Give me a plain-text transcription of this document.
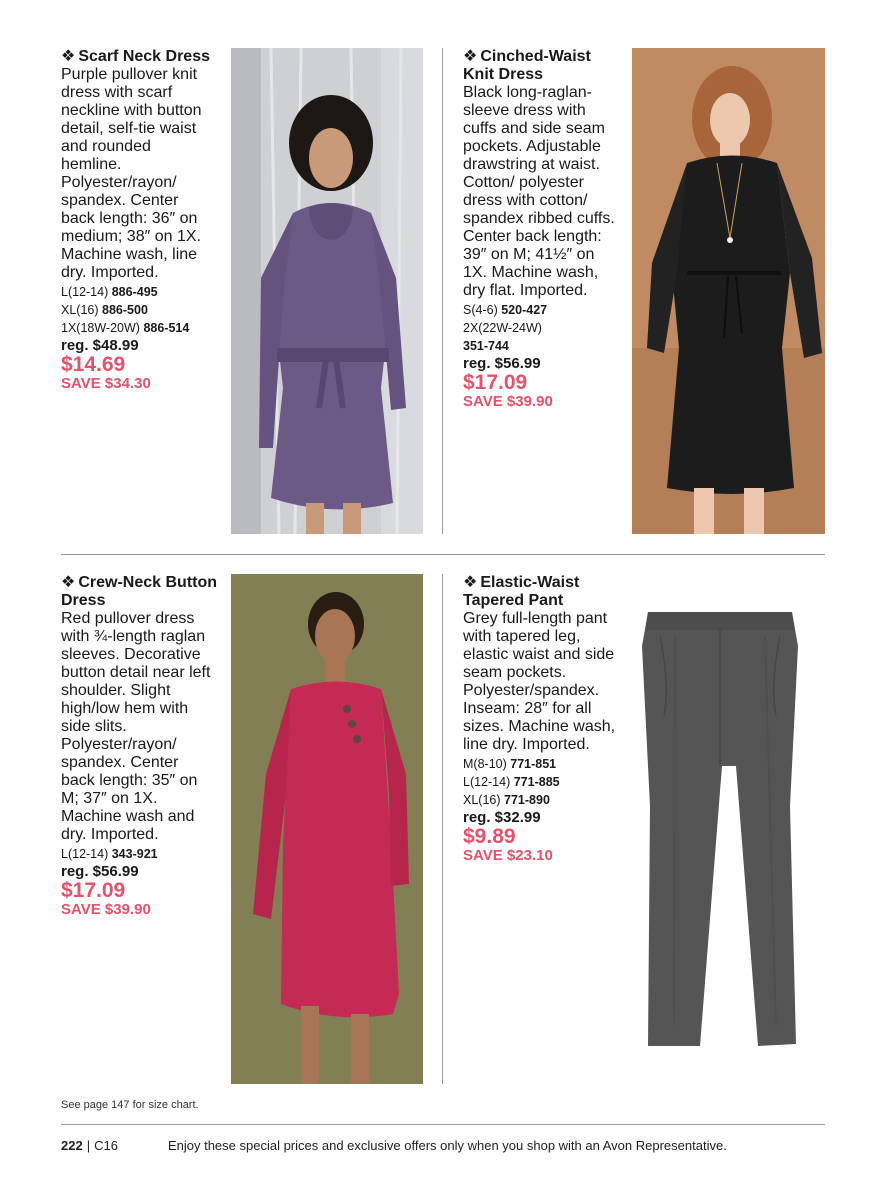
❖ Scarf Neck Dress

Purple pullover knit dress with scarf neckline with button detail, self-tie waist and rounded hemline. Polyester/rayon/ spandex. Center back length: 36″ on medium; 38″ on 1X. Machine wash, line dry. Imported.

L(12-14) 886-495
XL(16) 886-500
1X(18W-20W) 886-514
reg. $48.99
$14.69
SAVE $34.30

❖ Cinched-Waist Knit Dress

Black long-raglan-sleeve dress with cuffs and side seam pockets. Adjustable drawstring at waist. Cotton/ polyester dress with cotton/ spandex ribbed cuffs. Center back length: 39″ on M; 41½″ on 1X. Machine wash, dry flat. Imported.

S(4-6) 520-427
2X(22W-24W)
351-744
reg. $56.99
$17.09
SAVE $39.90

❖ Crew-Neck Button Dress

Red pullover dress with ¾-length raglan sleeves. Decorative button detail near left shoulder. Slight high/low hem with side slits. Polyester/rayon/ spandex. Center back length: 35″ on M; 37″ on 1X. Machine wash and dry. Imported.

L(12-14) 343-921
reg. $56.99
$17.09
SAVE $39.90

❖ Elastic-Waist Tapered Pant

Grey full-length pant with tapered leg, elastic waist and side seam pockets. Polyester/spandex. Inseam: 28″ for all sizes. Machine wash, line dry. Imported.

M(8-10) 771-851
L(12-14) 771-885
XL(16) 771-890
reg. $32.99
$9.89
SAVE $23.10
See page 147 for size chart.
222 | C16	Enjoy these special prices and exclusive offers only when you shop with an Avon Representative.
